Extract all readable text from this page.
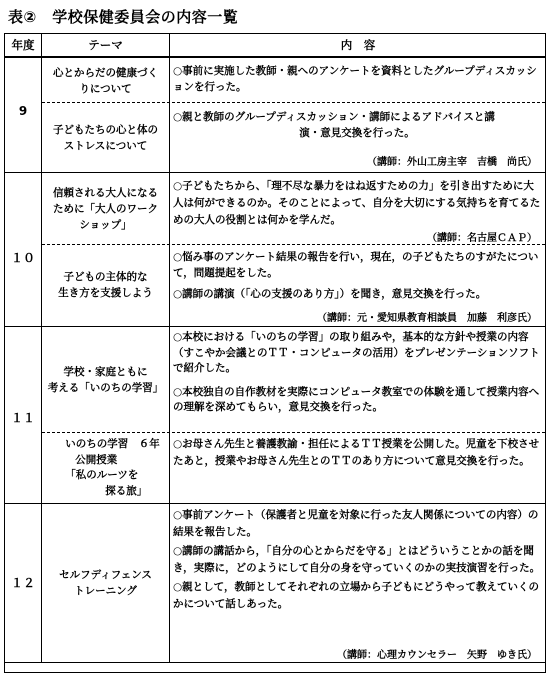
表②　学校保健委員会の内容一覧
年度	テーマ	内　容
9
心とからだの健康づく
りについて
○事前に実施した教師・親へのアンケートを資料としたグループディスカッションを行った。
子どもたちの心と体の
ストレスについて
○親と教師のグループディスカッション・講師によるアドバイスと講
演・意見交換を行った。
（講師：外山工房主宰　吉橋　尚氏）
１０
信頼される大人になる
ために「大人のワーク
ショップ」
○子どもたちから、「理不尽な暴力をはね返すための力」を引き出すために大人は何ができるのか。そのことによって、自分を大切にする気持ちを育てるための大人の役割とは何かを学んだ。
（講師：名古屋ＣＡＰ）
子どもの主体的な
生き方を支援しよう
○悩み事のアンケート結果の報告を行い，現在，の子どもたちのすがたについて，問題提起をした。
○講師の講演（「心の支援のあり方」）を聞き，意見交換を行った。
（講師：元・愛知県教育相談員　加藤　利彦氏）
１１
学校・家庭ともに
考える「いのちの学習」
○本校における「いのちの学習」の取り組みや，基本的な方針や授業の内容（すこやか会議とのＴＴ・コンピュータの活用）をプレゼンテーションソフトで紹介した。
○本校独自の自作教材を実際にコンピュータ教室での体験を通して授業内容への理解を深めてもらい，意見交換を行った。
いのちの学習　６年
公開授業
「私のルーツを
探る旅」
○お母さん先生と養護教諭・担任によるＴＴ授業を公開した。児童を下校させたあと，授業やお母さん先生とのＴＴのあり方について意見交換を行った。
１２
セルフディフェンス
トレーニング
○事前アンケート（保護者と児童を対象に行った友人関係についての内容）の結果を報告した。
○講師の講話から，「自分の心とからだを守る」とはどういうことかの話を聞き，実際に，どのようにして自分の身を守っていくのかの実技演習を行った。
○親として，教師としてそれぞれの立場から子どもにどうやって教えていくのかについて話しあった。
（講師：心理カウンセラー　矢野　ゆき氏）
